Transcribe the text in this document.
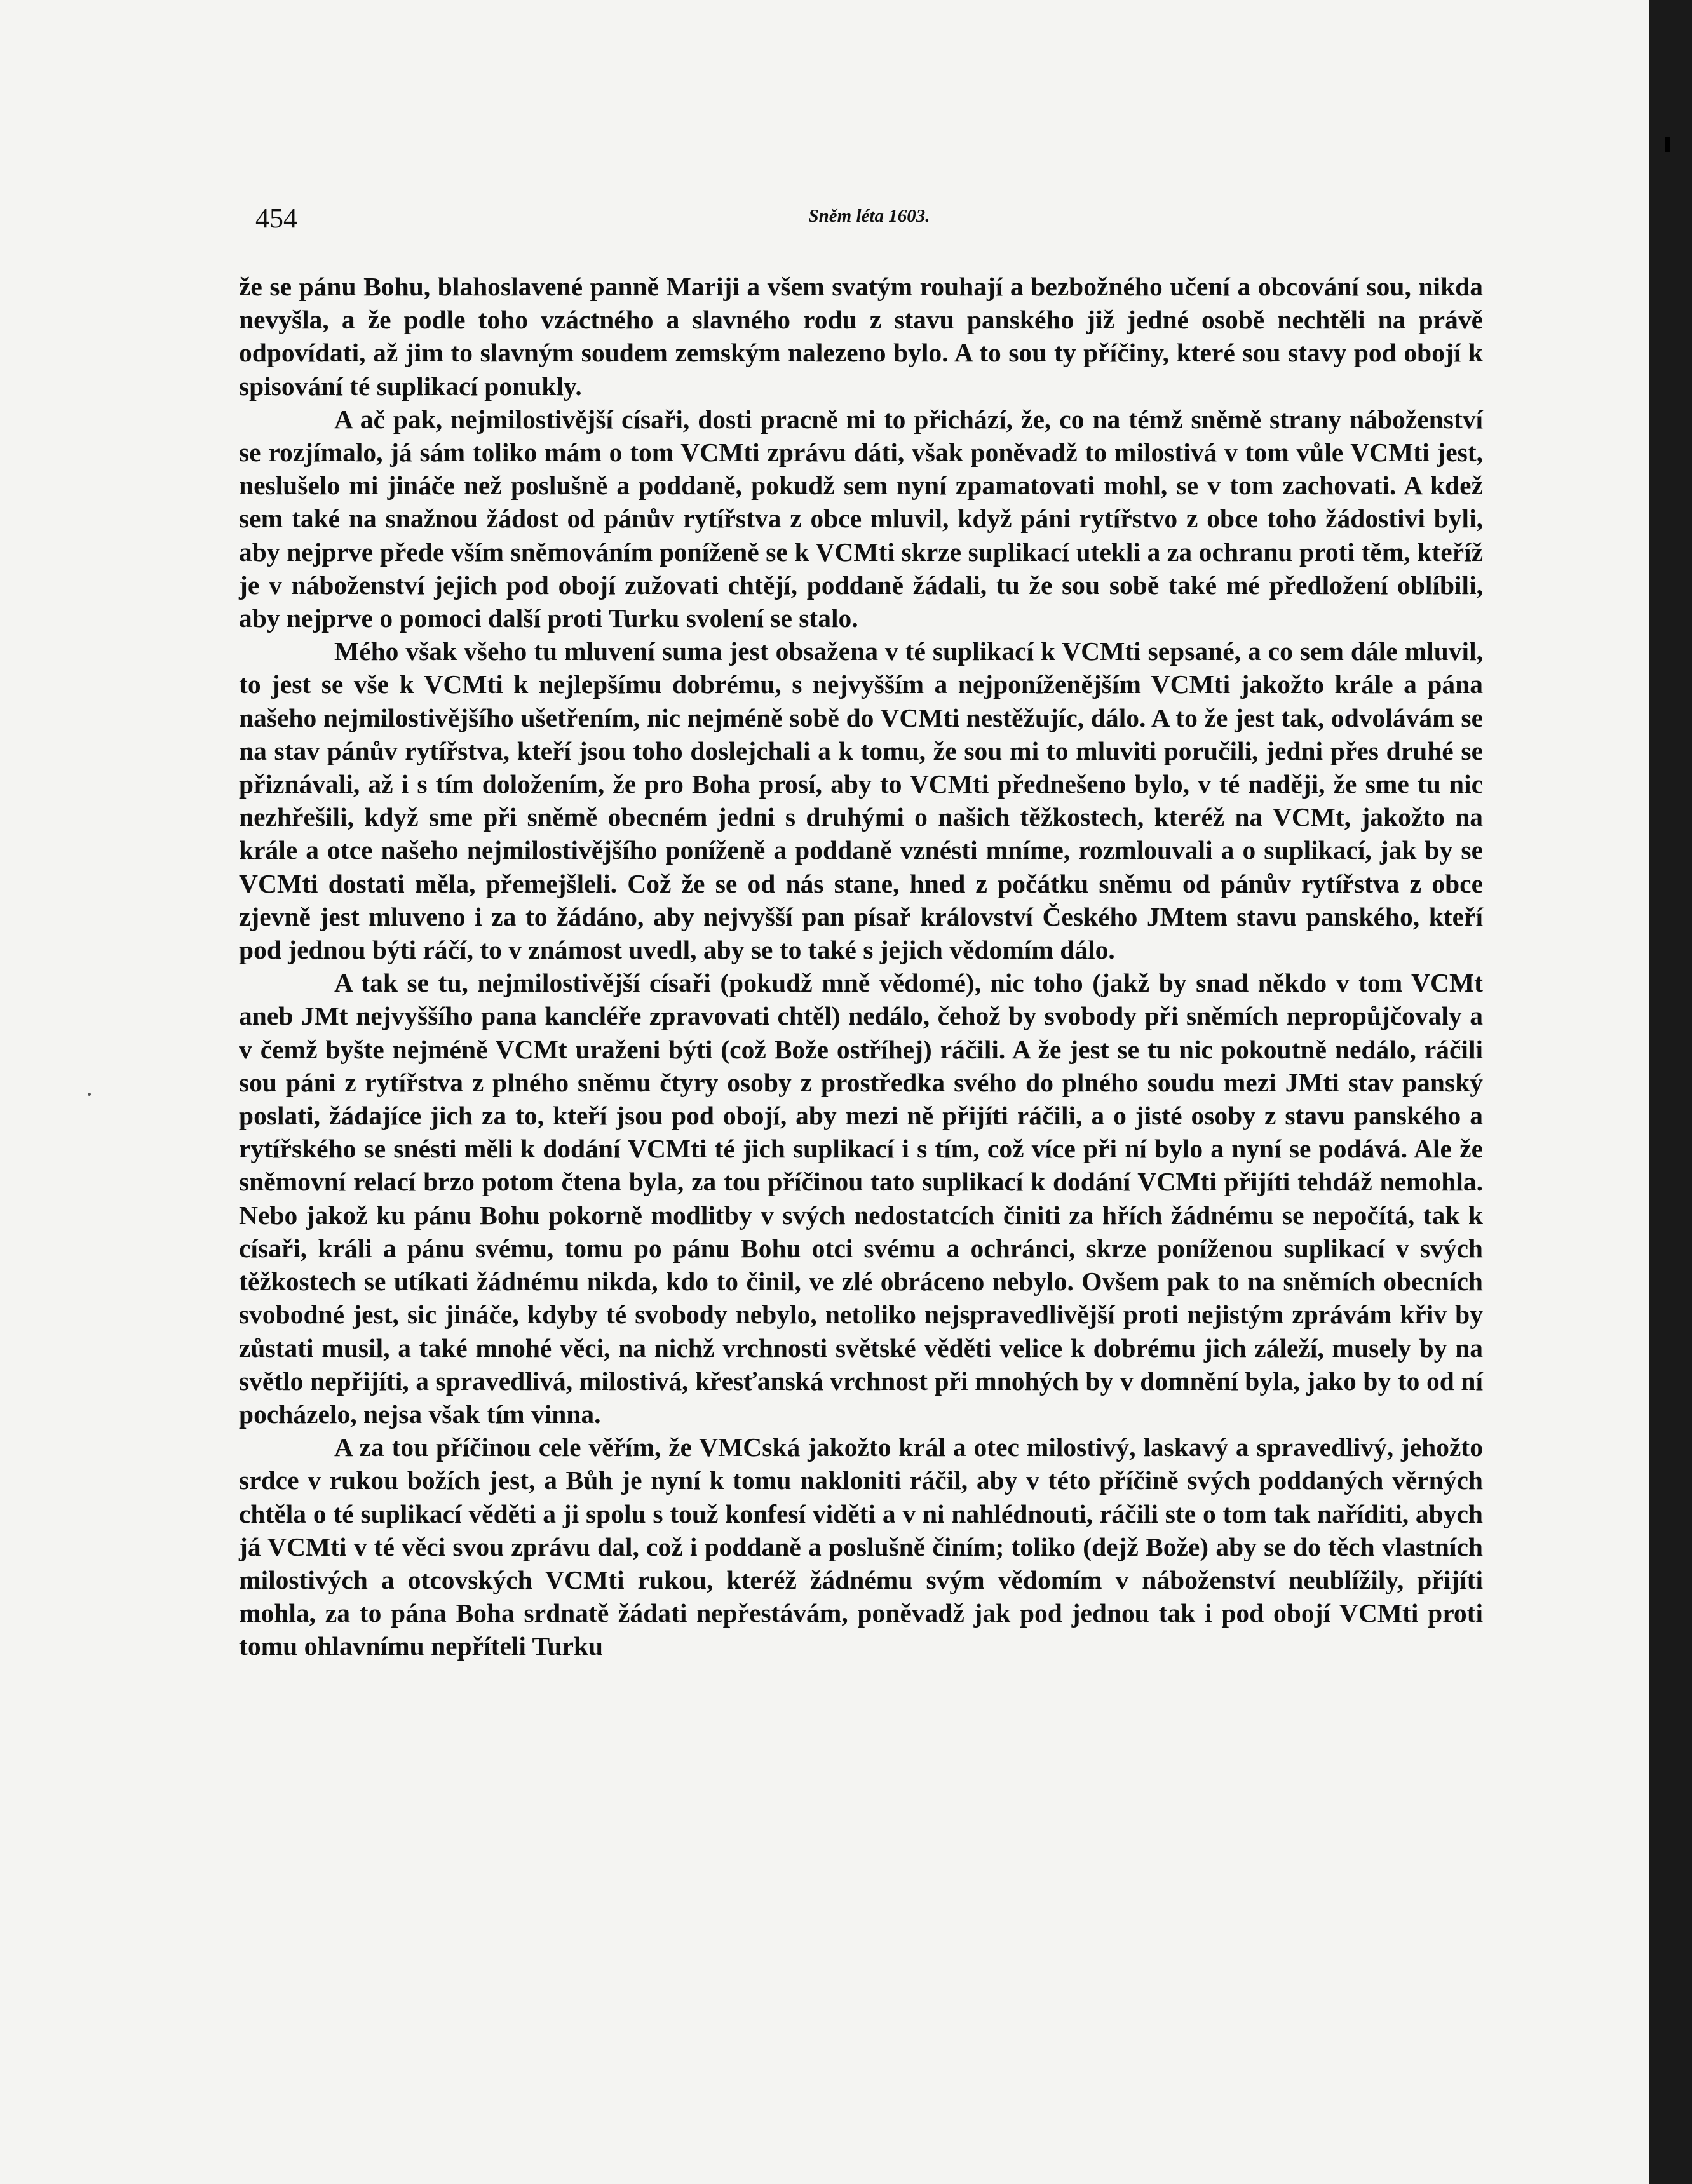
454	Sněm léta 1603.

že se pánu Bohu, blahoslavené panně Mariji a všem svatým rouhají a bezbožného učení a obcování sou, nikda nevyšla, a že podle toho vzáctného a slavného rodu z stavu panského již jedné osobě nechtěli na právě odpovídati, až jim to slavným soudem zemským nalezeno bylo. A to sou ty příčiny, které sou stavy pod obojí k spisování té suplikací ponukly.

A ač pak, nejmilostivější císaři, dosti pracně mi to přichází, že, co na témž sněmě strany náboženství se rozjímalo, já sám toliko mám o tom VCMti zprávu dáti, však poněvadž to milostivá v tom vůle VCMti jest, neslušelo mi jináče než poslušně a poddaně, pokudž sem nyní zpamatovati mohl, se v tom zachovati. A kdež sem také na snažnou žádost od pánův rytířstva z obce mluvil, když páni rytířstvo z obce toho žádostivi byli, aby nejprve přede vším sněmováním poníženě se k VCMti skrze suplikací utekli a za ochranu proti těm, kteříž je v náboženství jejich pod obojí zužovati chtějí, poddaně žádali, tu že sou sobě také mé předložení oblíbili, aby nejprve o pomoci další proti Turku svolení se stalo.

Mého však všeho tu mluvení suma jest obsažena v té suplikací k VCMti sepsané, a co sem dále mluvil, to jest se vše k VCMti k nejlepšímu dobrému, s nejvyšším a nejponíženějším VCMti jakožto krále a pána našeho nejmilostivějšího ušetřením, nic nejméně sobě do VCMti nestěžujíc, dálo. A to že jest tak, odvolávám se na stav pánův rytířstva, kteří jsou toho doslejchali a k tomu, že sou mi to mluviti poručili, jedni přes druhé se přiznávali, až i s tím doložením, že pro Boha prosí, aby to VCMti přednešeno bylo, v té naději, že sme tu nic nezhřešili, když sme při sněmě obecném jedni s druhými o našich těžkostech, kteréž na VCMt, jakožto na krále a otce našeho nejmilostivějšího poníženě a poddaně vznésti mníme, rozmlouvali a o suplikací, jak by se VCMti dostati měla, přemejšleli. Což že se od nás stane, hned z počátku sněmu od pánův rytířstva z obce zjevně jest mluveno i za to žádáno, aby nejvyšší pan písař království Českého JMtem stavu panského, kteří pod jednou býti ráčí, to v známost uvedl, aby se to také s jejich vědomím dálo.

A tak se tu, nejmilostivější císaři (pokudž mně vědomé), nic toho (jakž by snad někdo v tom VCMt aneb JMt nejvyššího pana kancléře zpravovati chtěl) nedálo, čehož by svobody při sněmích nepropůjčovaly a v čemž byšte nejméně VCMt uraženi býti (což Bože ostříhej) ráčili. A že jest se tu nic pokoutně nedálo, ráčili sou páni z rytířstva z plného sněmu čtyry osoby z prostředka svého do plného soudu mezi JMti stav panský poslati, žádajíce jich za to, kteří jsou pod obojí, aby mezi ně přijíti ráčili, a o jisté osoby z stavu panského a rytířského se snésti měli k dodání VCMti té jich suplikací i s tím, což více při ní bylo a nyní se podává. Ale že sněmovní relací brzo potom čtena byla, za tou příčinou tato suplikací k dodání VCMti přijíti tehdáž nemohla. Nebo jakož ku pánu Bohu pokorně modlitby v svých nedostatcích činiti za hřích žádnému se nepočítá, tak k císaři, králi a pánu svému, tomu po pánu Bohu otci svému a ochránci, skrze poníženou suplikací v svých těžkostech se utíkati žádnému nikda, kdo to činil, ve zlé obráceno nebylo. Ovšem pak to na sněmích obecních svobodné jest, sic jináče, kdyby té svobody nebylo, netoliko nejspravedlivější proti nejistým zprávám křiv by zůstati musil, a také mnohé věci, na nichž vrchnosti světské věděti velice k dobrému jich záleží, musely by na světlo nepřijíti, a spravedlivá, milostivá, křesťanská vrchnost při mnohých by v domnění byla, jako by to od ní pocházelo, nejsa však tím vinna.

A za tou příčinou cele věřím, že VMCská jakožto král a otec milostivý, laskavý a spravedlivý, jehožto srdce v rukou božích jest, a Bůh je nyní k tomu nakloniti ráčil, aby v této příčině svých poddaných věrných chtěla o té suplikací věděti a ji spolu s touž konfesí viděti a v ni nahlédnouti, ráčili ste o tom tak naříditi, abych já VCMti v té věci svou zprávu dal, což i poddaně a poslušně činím; toliko (dejž Bože) aby se do těch vlastních milostivých a otcovských VCMti rukou, kteréž žádnému svým vědomím v náboženství neublížily, přijíti mohla, za to pána Boha srdnatě žádati nepřestávám, poněvadž jak pod jednou tak i pod obojí VCMti proti tomu ohlavnímu nepříteli Turku
